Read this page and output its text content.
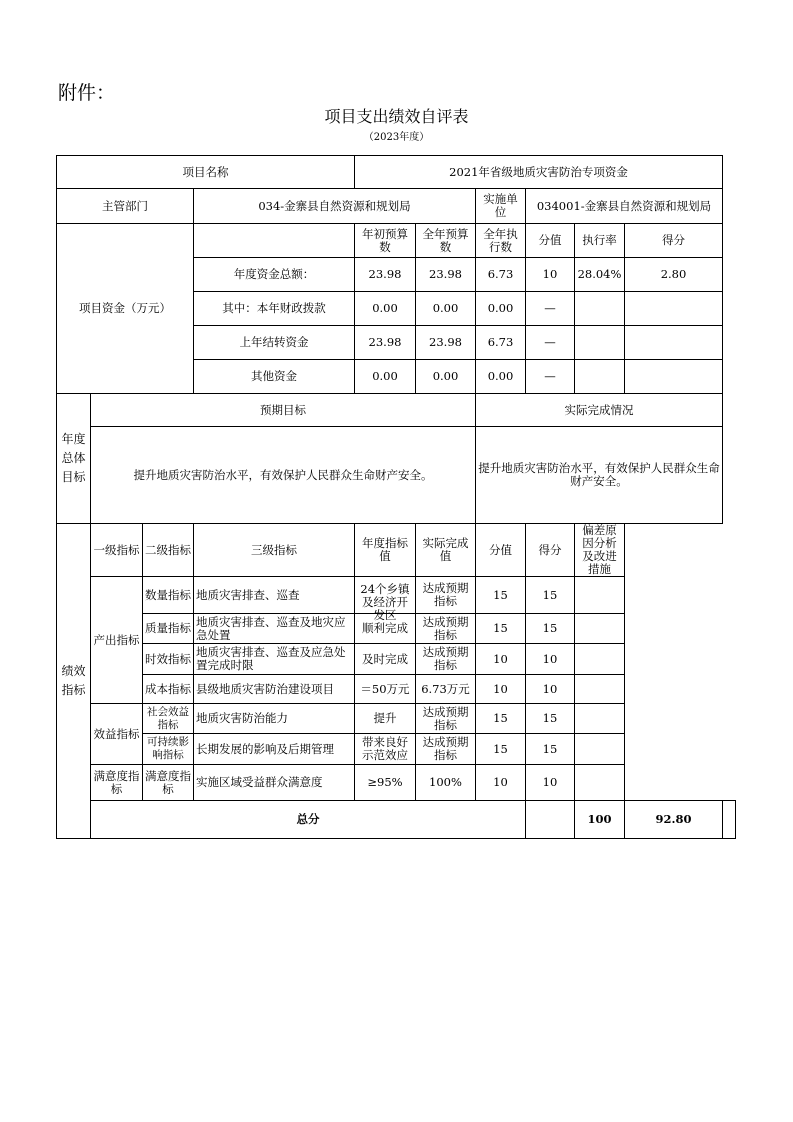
附件：
项目支出绩效自评表
（2023年度）
项目名称				2021年省级地质灾害防治专项资金						
主管部门			034-金寨县自然资源和规划局			实施单位	034001-金寨县自然资源和规划局			
项目资金（万元）				年初预算数	全年预算数	全年执行数	分值	执行率	得分	
			年度资金总额：	23.98	23.98	6.73	10	28.04%	2.80	
			其中：本年财政拨款	0.00	0.00	0.00	—			
			上年结转资金	23.98	23.98	6.73	—			
			其他资金	0.00	0.00	0.00	—			
年度总体目标	预期目标					实际完成情况				
	提升地质灾害防治水平，有效保护人民群众生命财产安全。					提升地质灾害防治水平，有效保护人民群众生命财产安全。				
绩效指标	一级指标	二级指标	三级指标	年度指标值	实际完成值	分值	得分	偏差原因分析及改进措施		
	产出指标	数量指标	地质灾害排查、巡查	24个乡镇及经济开发区	达成预期指标	15	15			
		质量指标	地质灾害排查、巡查及地灾应急处置	顺利完成	达成预期指标	15	15			
		时效指标	地质灾害排查、巡查及应急处置完成时限	及时完成	达成预期指标	10	10			
		成本指标	县级地质灾害防治建设项目	＝50万元	6.73万元	10	10			
	效益指标	社会效益指标	地质灾害防治能力	提升	达成预期指标	15	15			
		可持续影响指标	长期发展的影响及后期管理	带来良好示范效应	达成预期指标	15	15			
	满意度指标	满意度指标	实施区域受益群众满意度	≥95%	100%	10	10			
	总分							100	92.80	
